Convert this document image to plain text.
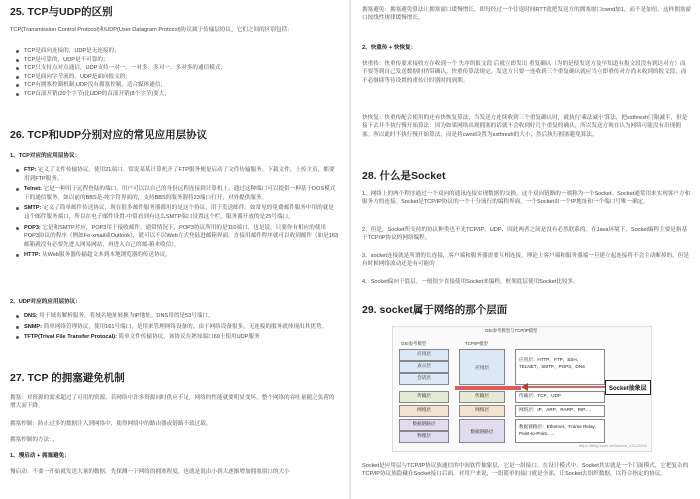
25. TCP与UDP的区别
TCP(Transmission Control Protocol)和UDP(User Datagram Protocol)协议属于传输层协议，它们之间的区别包括：
TCP是面向连接的，UDP是无连接的；
TCP是可靠的，UDP是不可靠的；
TCP只支持点对点通信，UDP支持一对一、一对多、多对一、多对多的通信模式；
TCP是面向字节流的，UDP是面向报文的；
TCP有拥塞控制机制;UDP没有拥塞控制，适合媒体通信；
TCP首部开销(20个字节)比UDP的首部开销(8个字节)要大；
26. TCP和UDP分别对应的常见应用层协议
1、TCP对应的应用层协议：
FTP: 定义了文件传输协议，使用21端口。常说某某计算机开了FTP服务便是启动了文件传输服务。下载文件，上传主页，都要用到FTP服务。
Telnet: 它是一种用于远程登陆的端口，用户可以以自己的身份远程连接到计算机上，通过这种端口可以提供一种基于DOS模式下的通信服务。如以前的BBS是-纯字符界面的，支持BBS的服务器将23端口打开，对外提供服务。
SMTP: 定义了简单邮件传送协议，现在很多邮件服务器都用的是这个协议，用于发送邮件。如常见的免费邮件服务中用的就是这个邮件服务端口，所以在电子邮件设置-中常看到有这么SMTP端口设置这个栏，服务器开放的是25号端口。
POP3: 它是和SMTP对应，POP3用于接收邮件。通常情况下，POP3协议所用的是110端口。也是说，只要你有相应的使用POP3协议的程序（例如Fo-xmail或Outlook），就可以不以Web方式登陆进邮箱界面，直接用邮件程序就可以收到邮件（如是163邮箱就没有必要先进入网易网站，再进入自己的邮-箱来收信）。
HTTP: 从Web服务器传输超文本到本地浏览器的传送协议。
2、UDP对应的应用层协议：
DNS: 用于域名解析服务，将域名地址转换为IP地址。DNS用的是53号端口。
SNMP: 简单网络管理协议，使用161号端口，是用来管理网络设备的。由于网络设备很多，无连接的服务就体现出其优势。
TFTP(Trival File Transfer Protocal): 简单文件传输协议，该协议在熟知端口69上使用UDP服务
27. TCP 的拥塞避免机制
拥塞：对资源的需求超过了可用的资源。若网络中许多资源同时供应不足，网络的性能就要明显变坏，整个网络的吞吐量随之负荷的增大而下降。
拥塞控制：防止过多的数据注入到网络中，使得网络中的路由器或链路不致过载。
拥塞控制的方法：。
1、慢启动 + 拥塞避免：
慢启动：不要一开始就发送大量的数据，先探测一下网络的拥塞程度，也就是说由小到大逐渐增加拥塞窗口的大小
拥塞避免：拥塞避免算法让拥塞窗口缓慢增长，即每经过一个往返时间RTT就把发送方的拥塞窗口cwnd加1，而不是加倍，这样拥塞窗口按线性规律缓慢增长。
2、快重传 + 快恢复：
快重传：快重传要求接收方在收到一个 失序的报文段 后就立即发出 重复确认（为的是使发送方及早知道有报文段没有到达对方）而不要等到自己发送数据时捎带确认。快重传算法规定，发送方只要一连收到三个重复确认就应当立即重传对方尚未收到的报文段，而不必继续等待设置的重传计时器时间到期。
快恢复：快重传配合使用的还有快恢复算法，当发送方连续收到三个重复确认时，就执行'乘法减小'算法，把ssthresh门限减半，但是接下去并不执行慢开始算法：因为如果网络出现拥塞的话就不会收到好几个重复的确认，所以发送方现在认为网络可能没有出现拥塞。所以此时不执行慢开始算法，而是将cwnd设置为ssthresh的大小，然后执行拥塞避免算法。
28. 什么是Socket
1、网络上的两个程序通过一个双向的通讯连接实现数据的交换，这个双向链路的一端称为一个Socket。Socket通常用来实现客户方和服务方的连接。Socket是TCP/IP协议的一个十分流行的编程界面，一个Socket由一个IP地址和一个端口号唯一确定。
2、但是，Socket所支持的协议种类也不光TCP/IP、UDP，因此两者之间是没有必然联系的。在Java环境下，Socket编程主要是指基于TCP/IP协议的网络编程。
3、socket连接就是所谓的长连接，客户端和服务器需要互相连接，理论上客户端和服务器端一旦建立起连接将不会主动断掉的，但是有时候网络波动还是有可能的
4、Socket偏向于底层。一般很少直接使用Socket来编程，框架底层使用Socket比较多，
29. socket属于网络的那个层面
OSI参考模型与TCP/IP模型
OSI参考模型	TCP/IP模型
应用层
表示层
会话层
传输层
网络层
数据链路层
物理层
应用层
传输层
网络层
数据链路层
应用层：HTTP、FTP、SSH、
TELNET、SMTP、POP3、DNS
传输层：TCP、UDP
网络层：IP、ARP、RARP、RIP.....
数据链路层：Ethernet、Frame Relay、
Point-to-Point......
Socket抽象层
https://blog.csdn.net/weixin_43122090
Socket是应用层与TCP/IP协议族通信的中间软件抽象层，它是一组接口。在设计模式中，Socket其实就是一个门面模式，它把复杂的TCP/IP协议族隐藏在Socket接口后面，对用户来说，一组简单的接口就是全部，让Socket去组织数据，以符合指定的协议。
